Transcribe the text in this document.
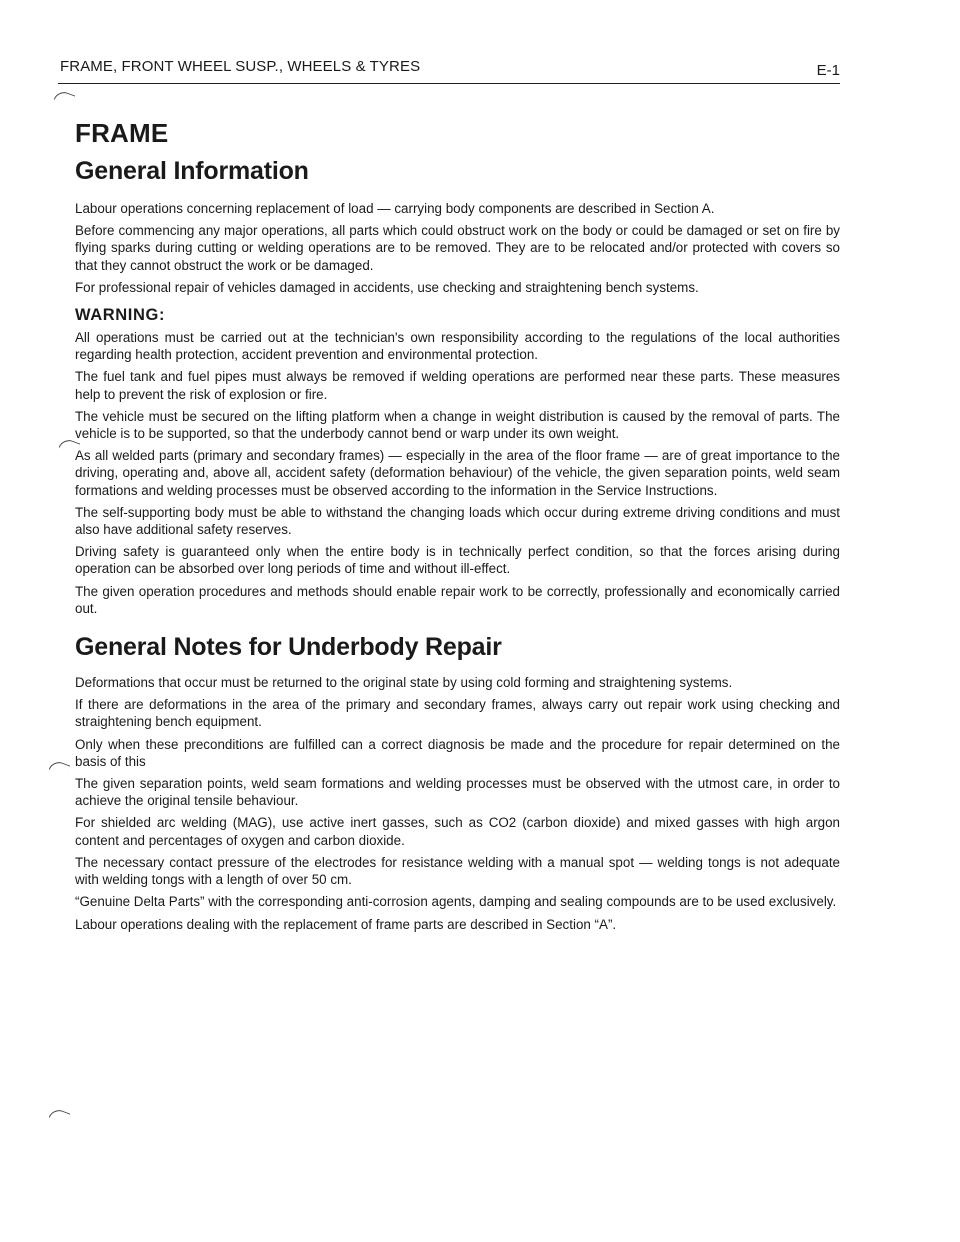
FRAME, FRONT WHEEL SUSP., WHEELS & TYRES	E-1
FRAME
General Information

Labour operations concerning replacement of load — carrying body components are described in Section A.

Before commencing any major operations, all parts which could obstruct work on the body or could be damaged or set on fire by flying sparks during cutting or welding operations are to be removed. They are to be relocated and/or protected with covers so that they cannot obstruct the work or be damaged.

For professional repair of vehicles damaged in accidents, use checking and straightening bench systems.

WARNING:

All operations must be carried out at the technician's own responsibility according to the regulations of the local authorities regarding health protection, accident prevention and environmental protection.

The fuel tank and fuel pipes must always be removed if welding operations are performed near these parts. These measures help to prevent the risk of explosion or fire.

The vehicle must be secured on the lifting platform when a change in weight distribution is caused by the removal of parts. The vehicle is to be supported, so that the underbody cannot bend or warp under its own weight.

As all welded parts (primary and secondary frames) — especially in the area of the floor frame — are of great importance to the driving, operating and, above all, accident safety (deformation behaviour) of the vehicle, the given separation points, weld seam formations and welding processes must be observed according to the information in the Service Instructions.

The self-supporting body must be able to withstand the changing loads which occur during extreme driving conditions and must also have additional safety reserves.

Driving safety is guaranteed only when the entire body is in technically perfect condition, so that the forces arising during operation can be absorbed over long periods of time and without ill-effect.

The given operation procedures and methods should enable repair work to be correctly, professionally and economically carried out.

General Notes for Underbody Repair

Deformations that occur must be returned to the original state by using cold forming and straightening systems.

If there are deformations in the area of the primary and secondary frames, always carry out repair work using checking and straightening bench equipment.

Only when these preconditions are fulfilled can a correct diagnosis be made and the procedure for repair determined on the basis of this

The given separation points, weld seam formations and welding processes must be observed with the utmost care, in order to achieve the original tensile behaviour.

For shielded arc welding (MAG), use active inert gasses, such as CO2 (carbon dioxide) and mixed gasses with high argon content and percentages of oxygen and carbon dioxide.

The necessary contact pressure of the electrodes for resistance welding with a manual spot — welding tongs is not adequate with welding tongs with a length of over 50 cm.

“Genuine Delta Parts” with the corresponding anti-corrosion agents, damping and sealing compounds are to be used exclusively.

Labour operations dealing with the replacement of frame parts are described in Section “A”.
